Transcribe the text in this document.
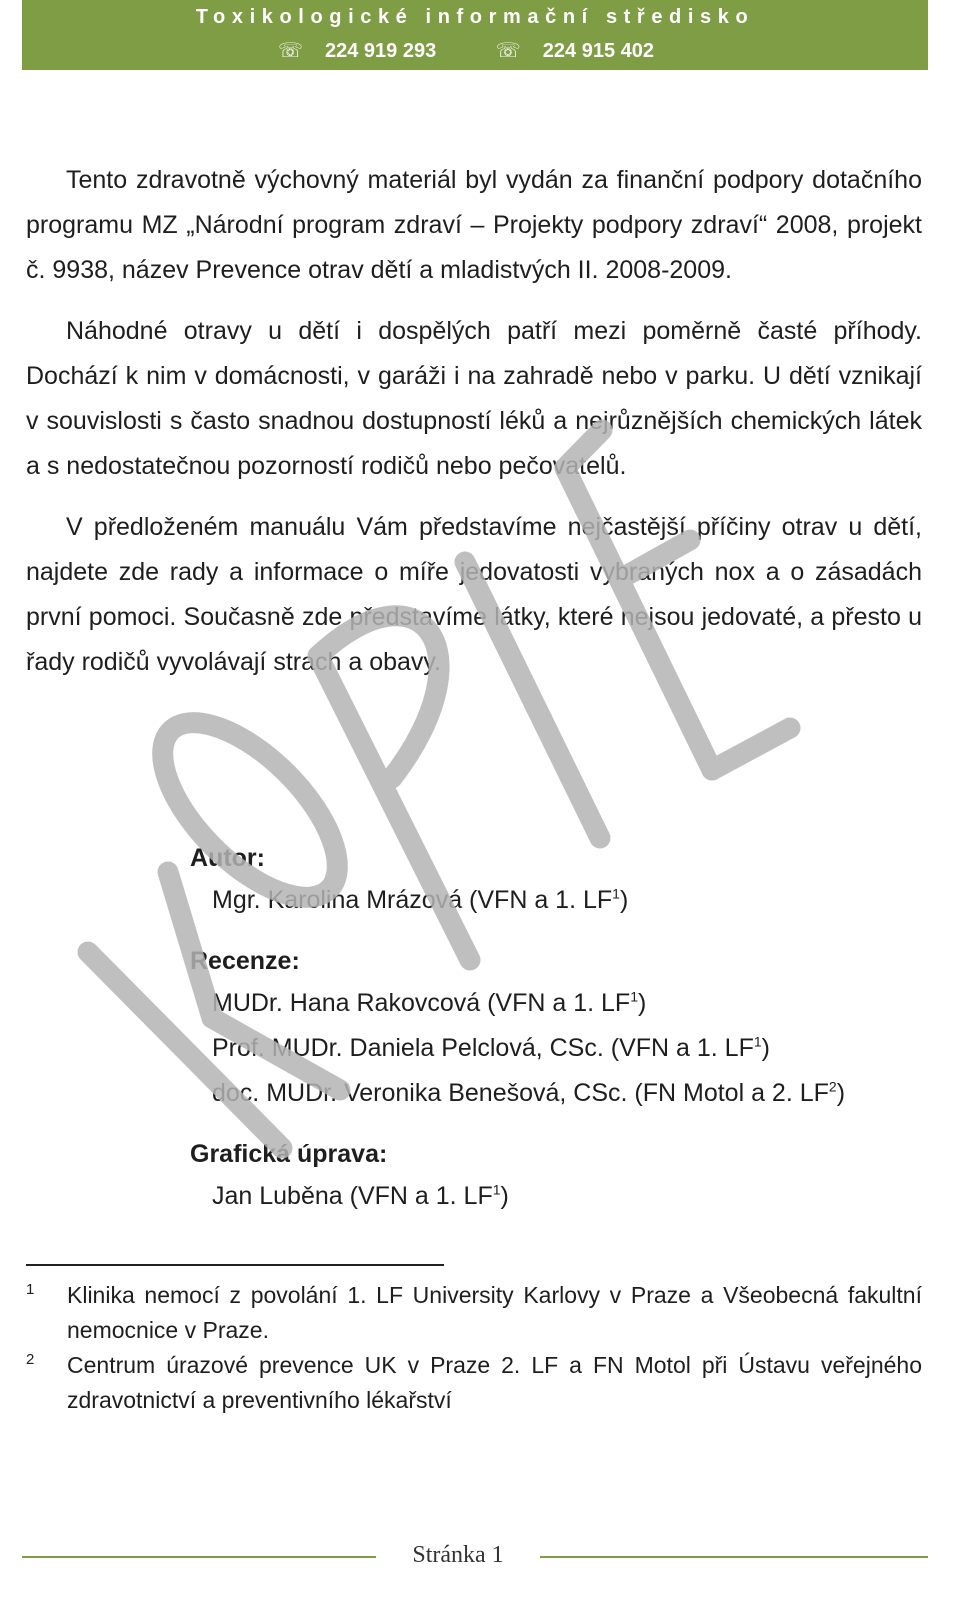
Toxikologické informační středisko
☏ 224 919 293	☏ 224 915 402

Tento zdravotně výchovný materiál byl vydán za finanční podpory dotačního programu MZ „Národní program zdraví – Projekty podpory zdraví“ 2008, projekt č. 9938, název Prevence otrav dětí a mladistvých II. 2008-2009.

Náhodné otravy u dětí i dospělých patří mezi poměrně časté příhody. Dochází k nim v domácnosti, v garáži i na zahradě nebo v parku. U dětí vznikají v souvislosti s často snadnou dostupností léků a nejrůznějších chemických látek a s nedostatečnou pozorností rodičů nebo pečovatelů.

V předloženém manuálu Vám představíme nejčastější příčiny otrav u dětí, najdete zde rady a informace o míře jedovatosti vybraných nox a o zásadách první pomoci. Současně zde představíme látky, které nejsou jedovaté, a přesto u řady rodičů vyvolávají strach a obavy.

Autor:
Mgr. Karolina Mrázová (VFN a 1. $LF^1$)
Recenze:
MUDr. Hana Rakovcová (VFN a 1. $LF^1$)
Prof. MUDr. Daniela Pelclová, CSc. (VFN a 1. $LF^1$)
doc. MUDr. Veronika Benešová, CSc. (FN Motol a 2. $LF^2$)
Grafická úprava:
Jan Luběna (VFN a 1. $LF^1$)
1 Klinika nemocí z povolání 1. LF University Karlovy v Praze a Všeobecná fakultní nemocnice v Praze.
2 Centrum úrazové prevence UK v Praze 2. LF a FN Motol při Ústavu veřejného zdravotnictví a preventivního lékařství
Stránka 1
